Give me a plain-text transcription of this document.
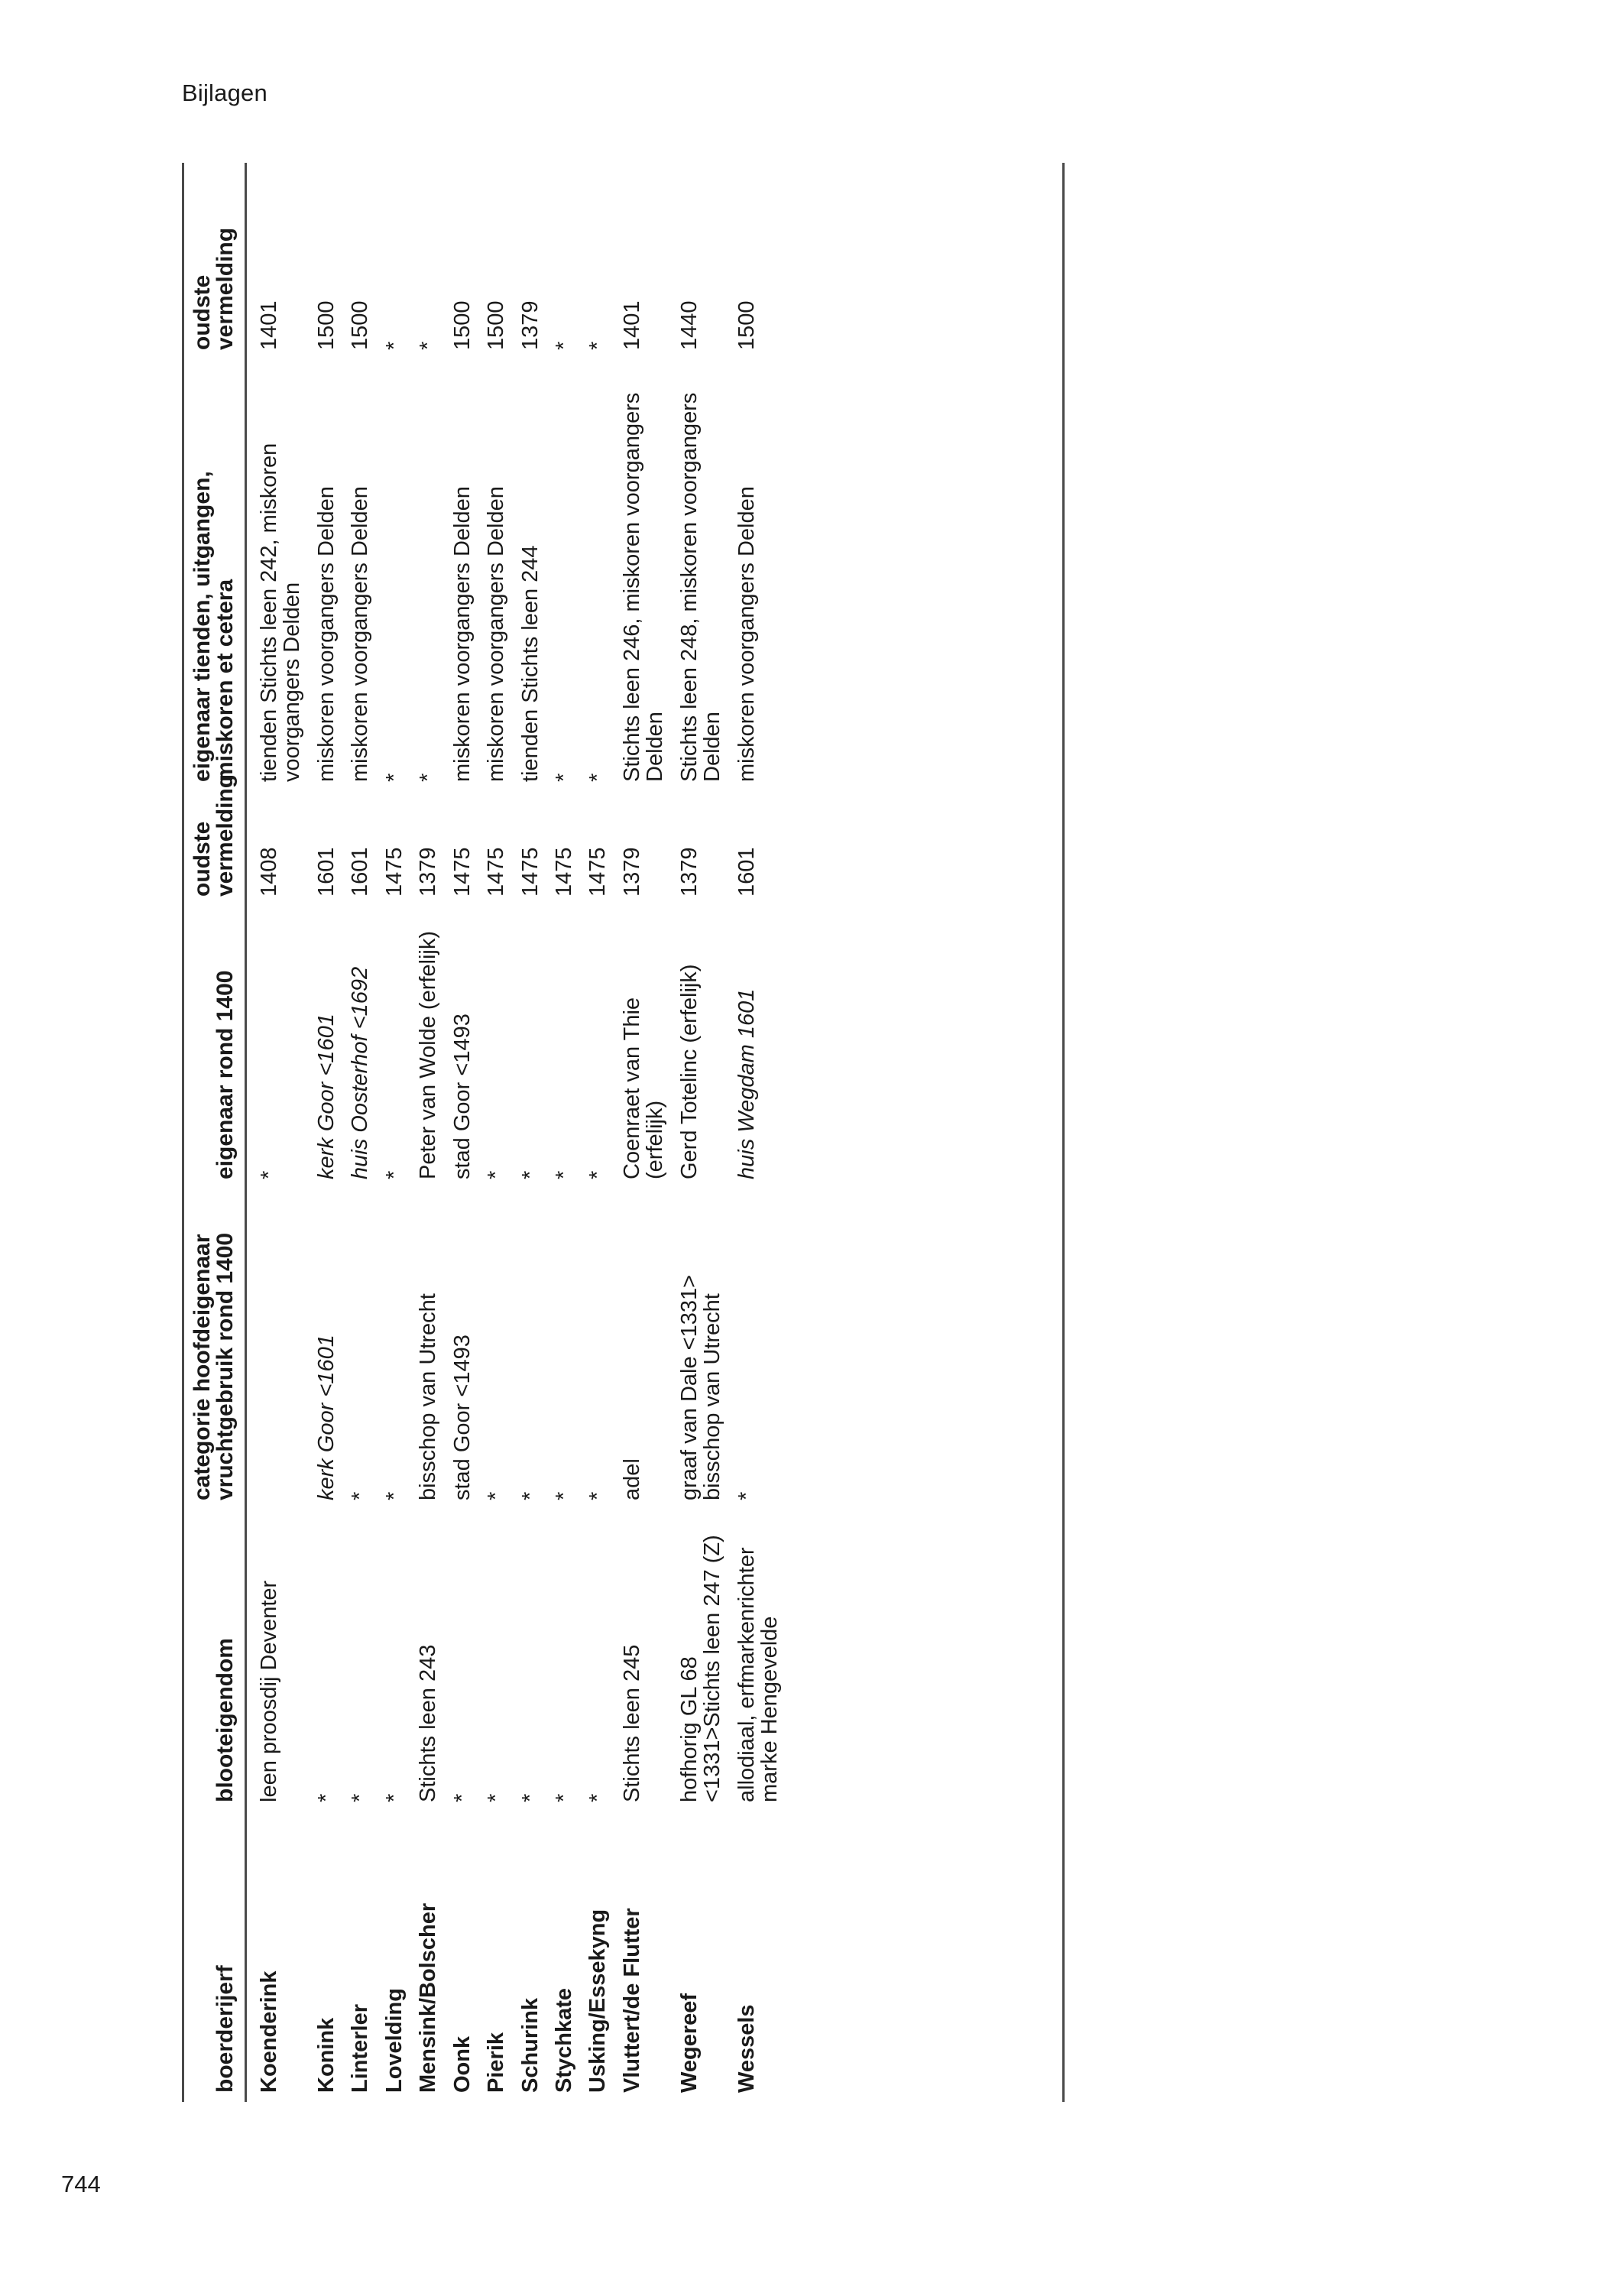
Bijlagen
744
boerderijerf	blooteigendom	categorie hoofdeigenaar vruchtgebruik rond 1400	eigenaar rond 1400	oudste vermelding	eigenaar tienden, uitgangen, miskoren et cetera	oudste vermelding
Koenderink	leen proosdij Deventer		*	1408	tienden Stichts leen 242, miskoren voorgangers Delden	1401
Konink	*	kerk Goor <1601	kerk Goor <1601	1601	miskoren voorgangers Delden	1500
Linterler	*	*	huis Oosterhof <1692	1601	miskoren voorgangers Delden	1500
Lovelding	*	*	*	1475	*	*
Mensink/Bolscher	Stichts leen 243	bisschop van Utrecht	Peter van Wolde (erfelijk)	1379	*	*
Oonk	*	stad Goor <1493	stad Goor <1493	1475	miskoren voorgangers Delden	1500
Pierik	*	*	*	1475	miskoren voorgangers Delden	1500
Schurink	*	*	*	1475	tienden Stichts leen 244	1379
Stychkate	*	*	*	1475	*	*
Usking/Essekyng	*	*	*	1475	*	*
Vluttert/de Flutter	Stichts leen 245	adel	Coenraet van Thie (erfelijk)	1379	Stichts leen 246, miskoren voorgangers Delden	1401
Wegereef	hofhorig GL 68 <1331>Stichts leen 247 (Z)	graaf van Dale <1331> bisschop van Utrecht	Gerd Totelinc (erfelijk)	1379	Stichts leen 248, miskoren voorgangers Delden	1440
Wessels	allodiaal, erfmarkenrichter marke Hengevelde	*	huis Wegdam 1601	1601	miskoren voorgangers Delden	1500
